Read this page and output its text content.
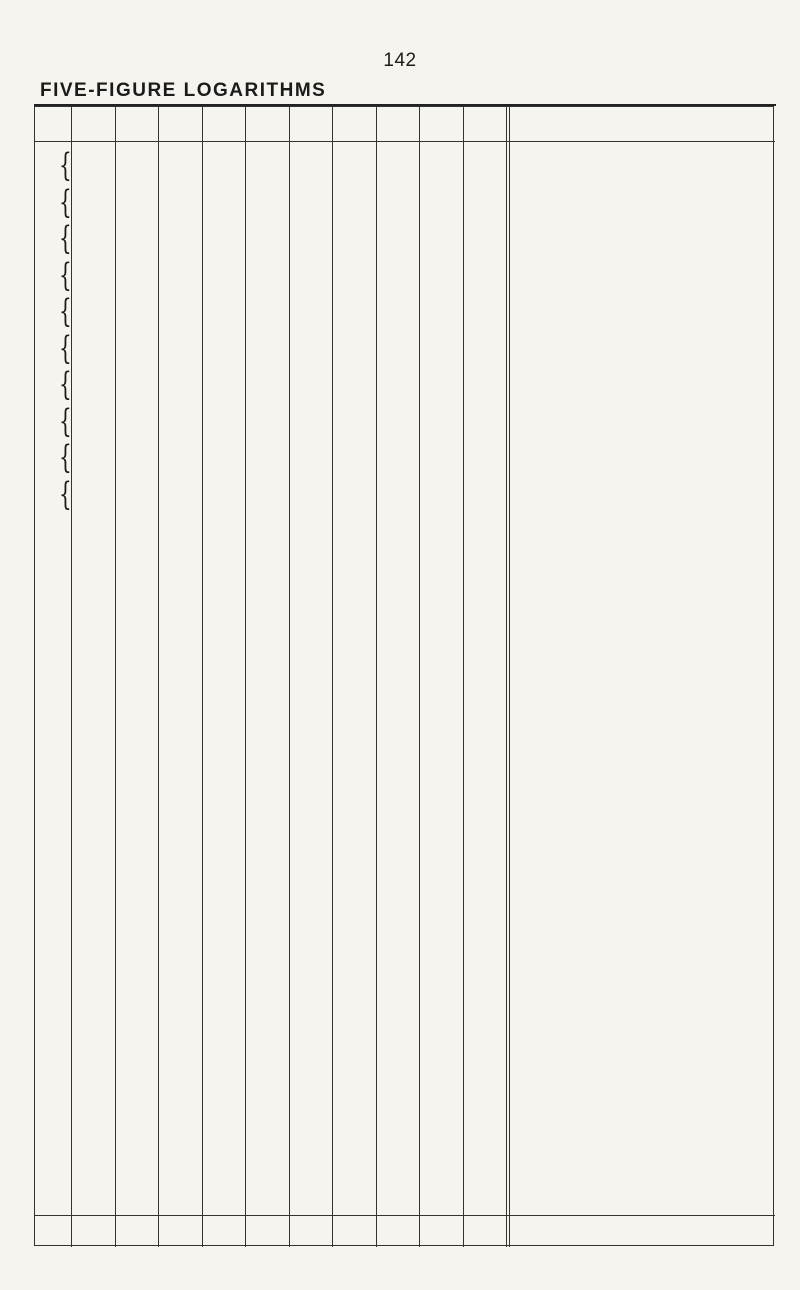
142
FIVE-FIGURE LOGARITHMS
{
{
{
{
{
{
{
{
{
{
